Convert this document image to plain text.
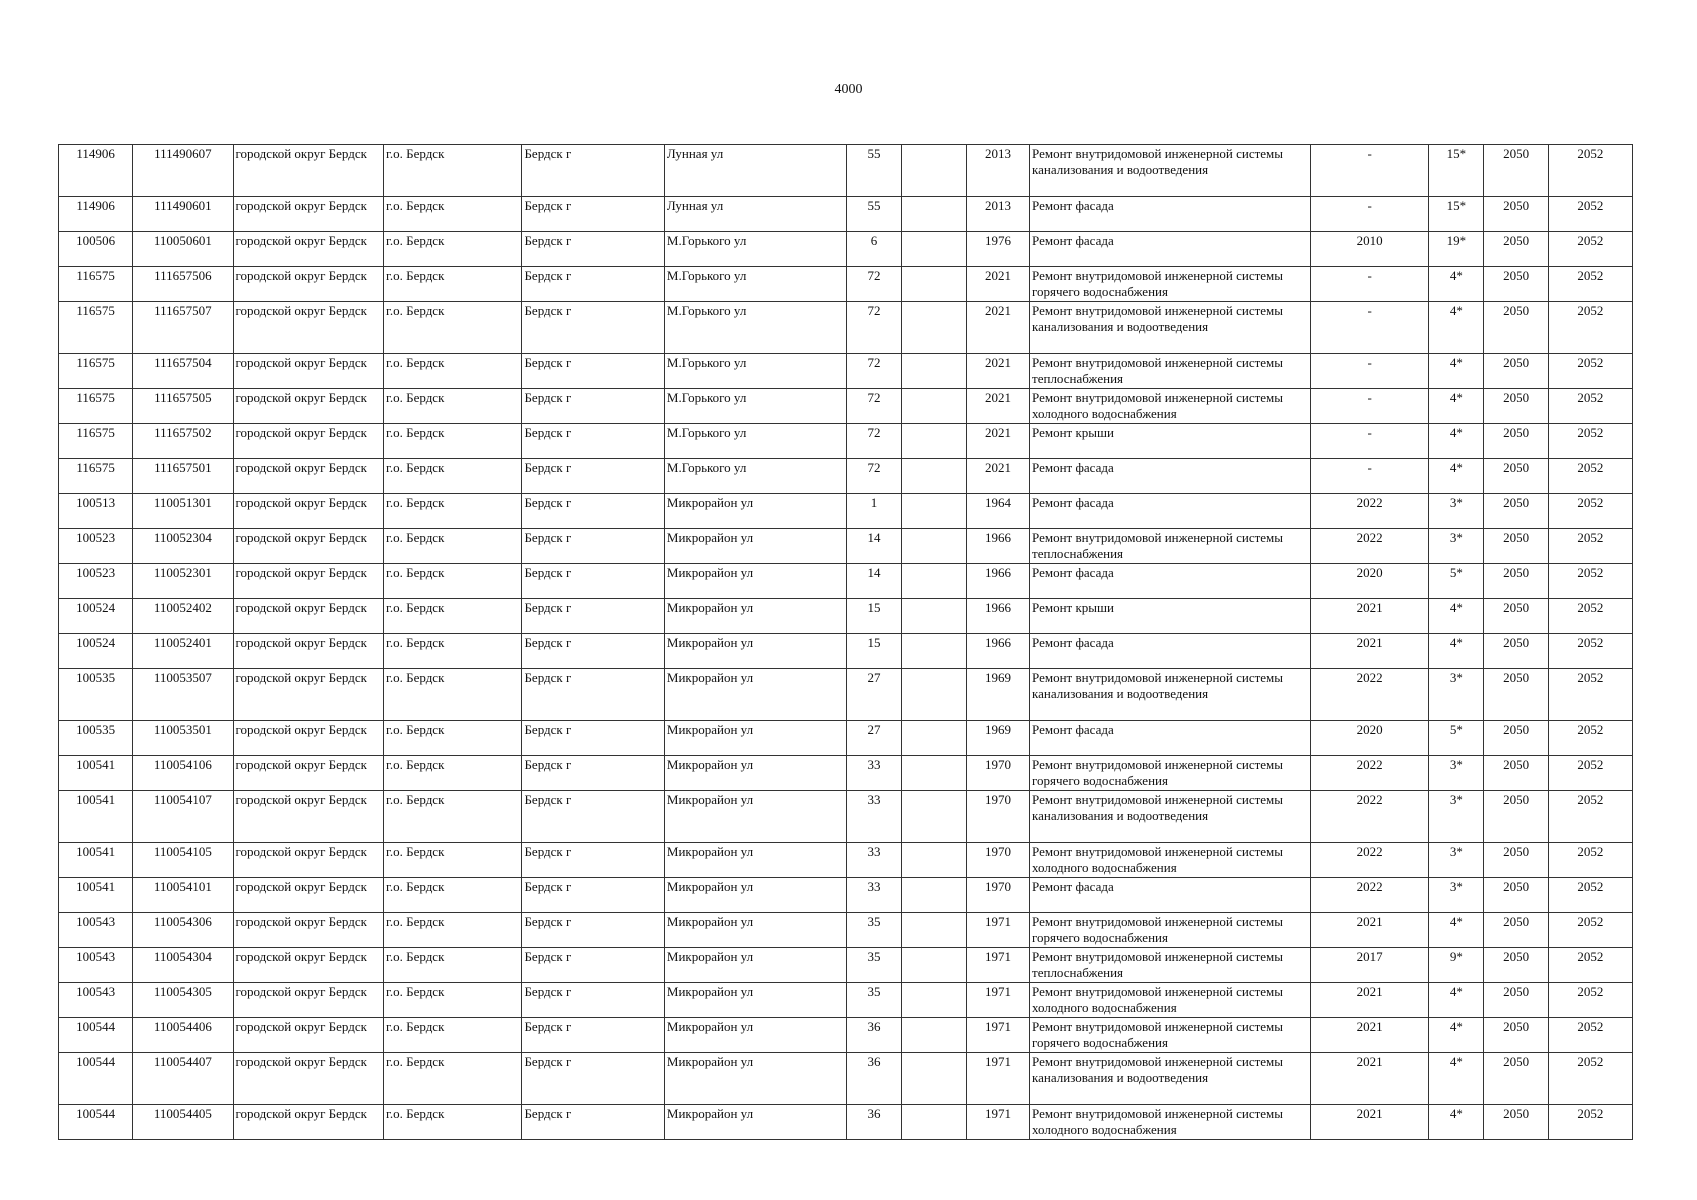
4000
114906	111490607	городской округ Бердск	г.о. Бердск	Бердск г	Лунная ул	55		2013	Ремонт внутридомовой инженерной системы канализования и водоотведения	-	15*	2050	2052
114906	111490601	городской округ Бердск	г.о. Бердск	Бердск г	Лунная ул	55		2013	Ремонт фасада	-	15*	2050	2052
100506	110050601	городской округ Бердск	г.о. Бердск	Бердск г	М.Горького ул	6		1976	Ремонт фасада	2010	19*	2050	2052
116575	111657506	городской округ Бердск	г.о. Бердск	Бердск г	М.Горького ул	72		2021	Ремонт внутридомовой инженерной системы горячего водоснабжения	-	4*	2050	2052
116575	111657507	городской округ Бердск	г.о. Бердск	Бердск г	М.Горького ул	72		2021	Ремонт внутридомовой инженерной системы канализования и водоотведения	-	4*	2050	2052
116575	111657504	городской округ Бердск	г.о. Бердск	Бердск г	М.Горького ул	72		2021	Ремонт внутридомовой инженерной системы теплоснабжения	-	4*	2050	2052
116575	111657505	городской округ Бердск	г.о. Бердск	Бердск г	М.Горького ул	72		2021	Ремонт внутридомовой инженерной системы холодного водоснабжения	-	4*	2050	2052
116575	111657502	городской округ Бердск	г.о. Бердск	Бердск г	М.Горького ул	72		2021	Ремонт крыши	-	4*	2050	2052
116575	111657501	городской округ Бердск	г.о. Бердск	Бердск г	М.Горького ул	72		2021	Ремонт фасада	-	4*	2050	2052
100513	110051301	городской округ Бердск	г.о. Бердск	Бердск г	Микрорайон ул	1		1964	Ремонт фасада	2022	3*	2050	2052
100523	110052304	городской округ Бердск	г.о. Бердск	Бердск г	Микрорайон ул	14		1966	Ремонт внутридомовой инженерной системы теплоснабжения	2022	3*	2050	2052
100523	110052301	городской округ Бердск	г.о. Бердск	Бердск г	Микрорайон ул	14		1966	Ремонт фасада	2020	5*	2050	2052
100524	110052402	городской округ Бердск	г.о. Бердск	Бердск г	Микрорайон ул	15		1966	Ремонт крыши	2021	4*	2050	2052
100524	110052401	городской округ Бердск	г.о. Бердск	Бердск г	Микрорайон ул	15		1966	Ремонт фасада	2021	4*	2050	2052
100535	110053507	городской округ Бердск	г.о. Бердск	Бердск г	Микрорайон ул	27		1969	Ремонт внутридомовой инженерной системы канализования и водоотведения	2022	3*	2050	2052
100535	110053501	городской округ Бердск	г.о. Бердск	Бердск г	Микрорайон ул	27		1969	Ремонт фасада	2020	5*	2050	2052
100541	110054106	городской округ Бердск	г.о. Бердск	Бердск г	Микрорайон ул	33		1970	Ремонт внутридомовой инженерной системы горячего водоснабжения	2022	3*	2050	2052
100541	110054107	городской округ Бердск	г.о. Бердск	Бердск г	Микрорайон ул	33		1970	Ремонт внутридомовой инженерной системы канализования и водоотведения	2022	3*	2050	2052
100541	110054105	городской округ Бердск	г.о. Бердск	Бердск г	Микрорайон ул	33		1970	Ремонт внутридомовой инженерной системы холодного водоснабжения	2022	3*	2050	2052
100541	110054101	городской округ Бердск	г.о. Бердск	Бердск г	Микрорайон ул	33		1970	Ремонт фасада	2022	3*	2050	2052
100543	110054306	городской округ Бердск	г.о. Бердск	Бердск г	Микрорайон ул	35		1971	Ремонт внутридомовой инженерной системы горячего водоснабжения	2021	4*	2050	2052
100543	110054304	городской округ Бердск	г.о. Бердск	Бердск г	Микрорайон ул	35		1971	Ремонт внутридомовой инженерной системы теплоснабжения	2017	9*	2050	2052
100543	110054305	городской округ Бердск	г.о. Бердск	Бердск г	Микрорайон ул	35		1971	Ремонт внутридомовой инженерной системы холодного водоснабжения	2021	4*	2050	2052
100544	110054406	городской округ Бердск	г.о. Бердск	Бердск г	Микрорайон ул	36		1971	Ремонт внутридомовой инженерной системы горячего водоснабжения	2021	4*	2050	2052
100544	110054407	городской округ Бердск	г.о. Бердск	Бердск г	Микрорайон ул	36		1971	Ремонт внутридомовой инженерной системы канализования и водоотведения	2021	4*	2050	2052
100544	110054405	городской округ Бердск	г.о. Бердск	Бердск г	Микрорайон ул	36		1971	Ремонт внутридомовой инженерной системы холодного водоснабжения	2021	4*	2050	2052
